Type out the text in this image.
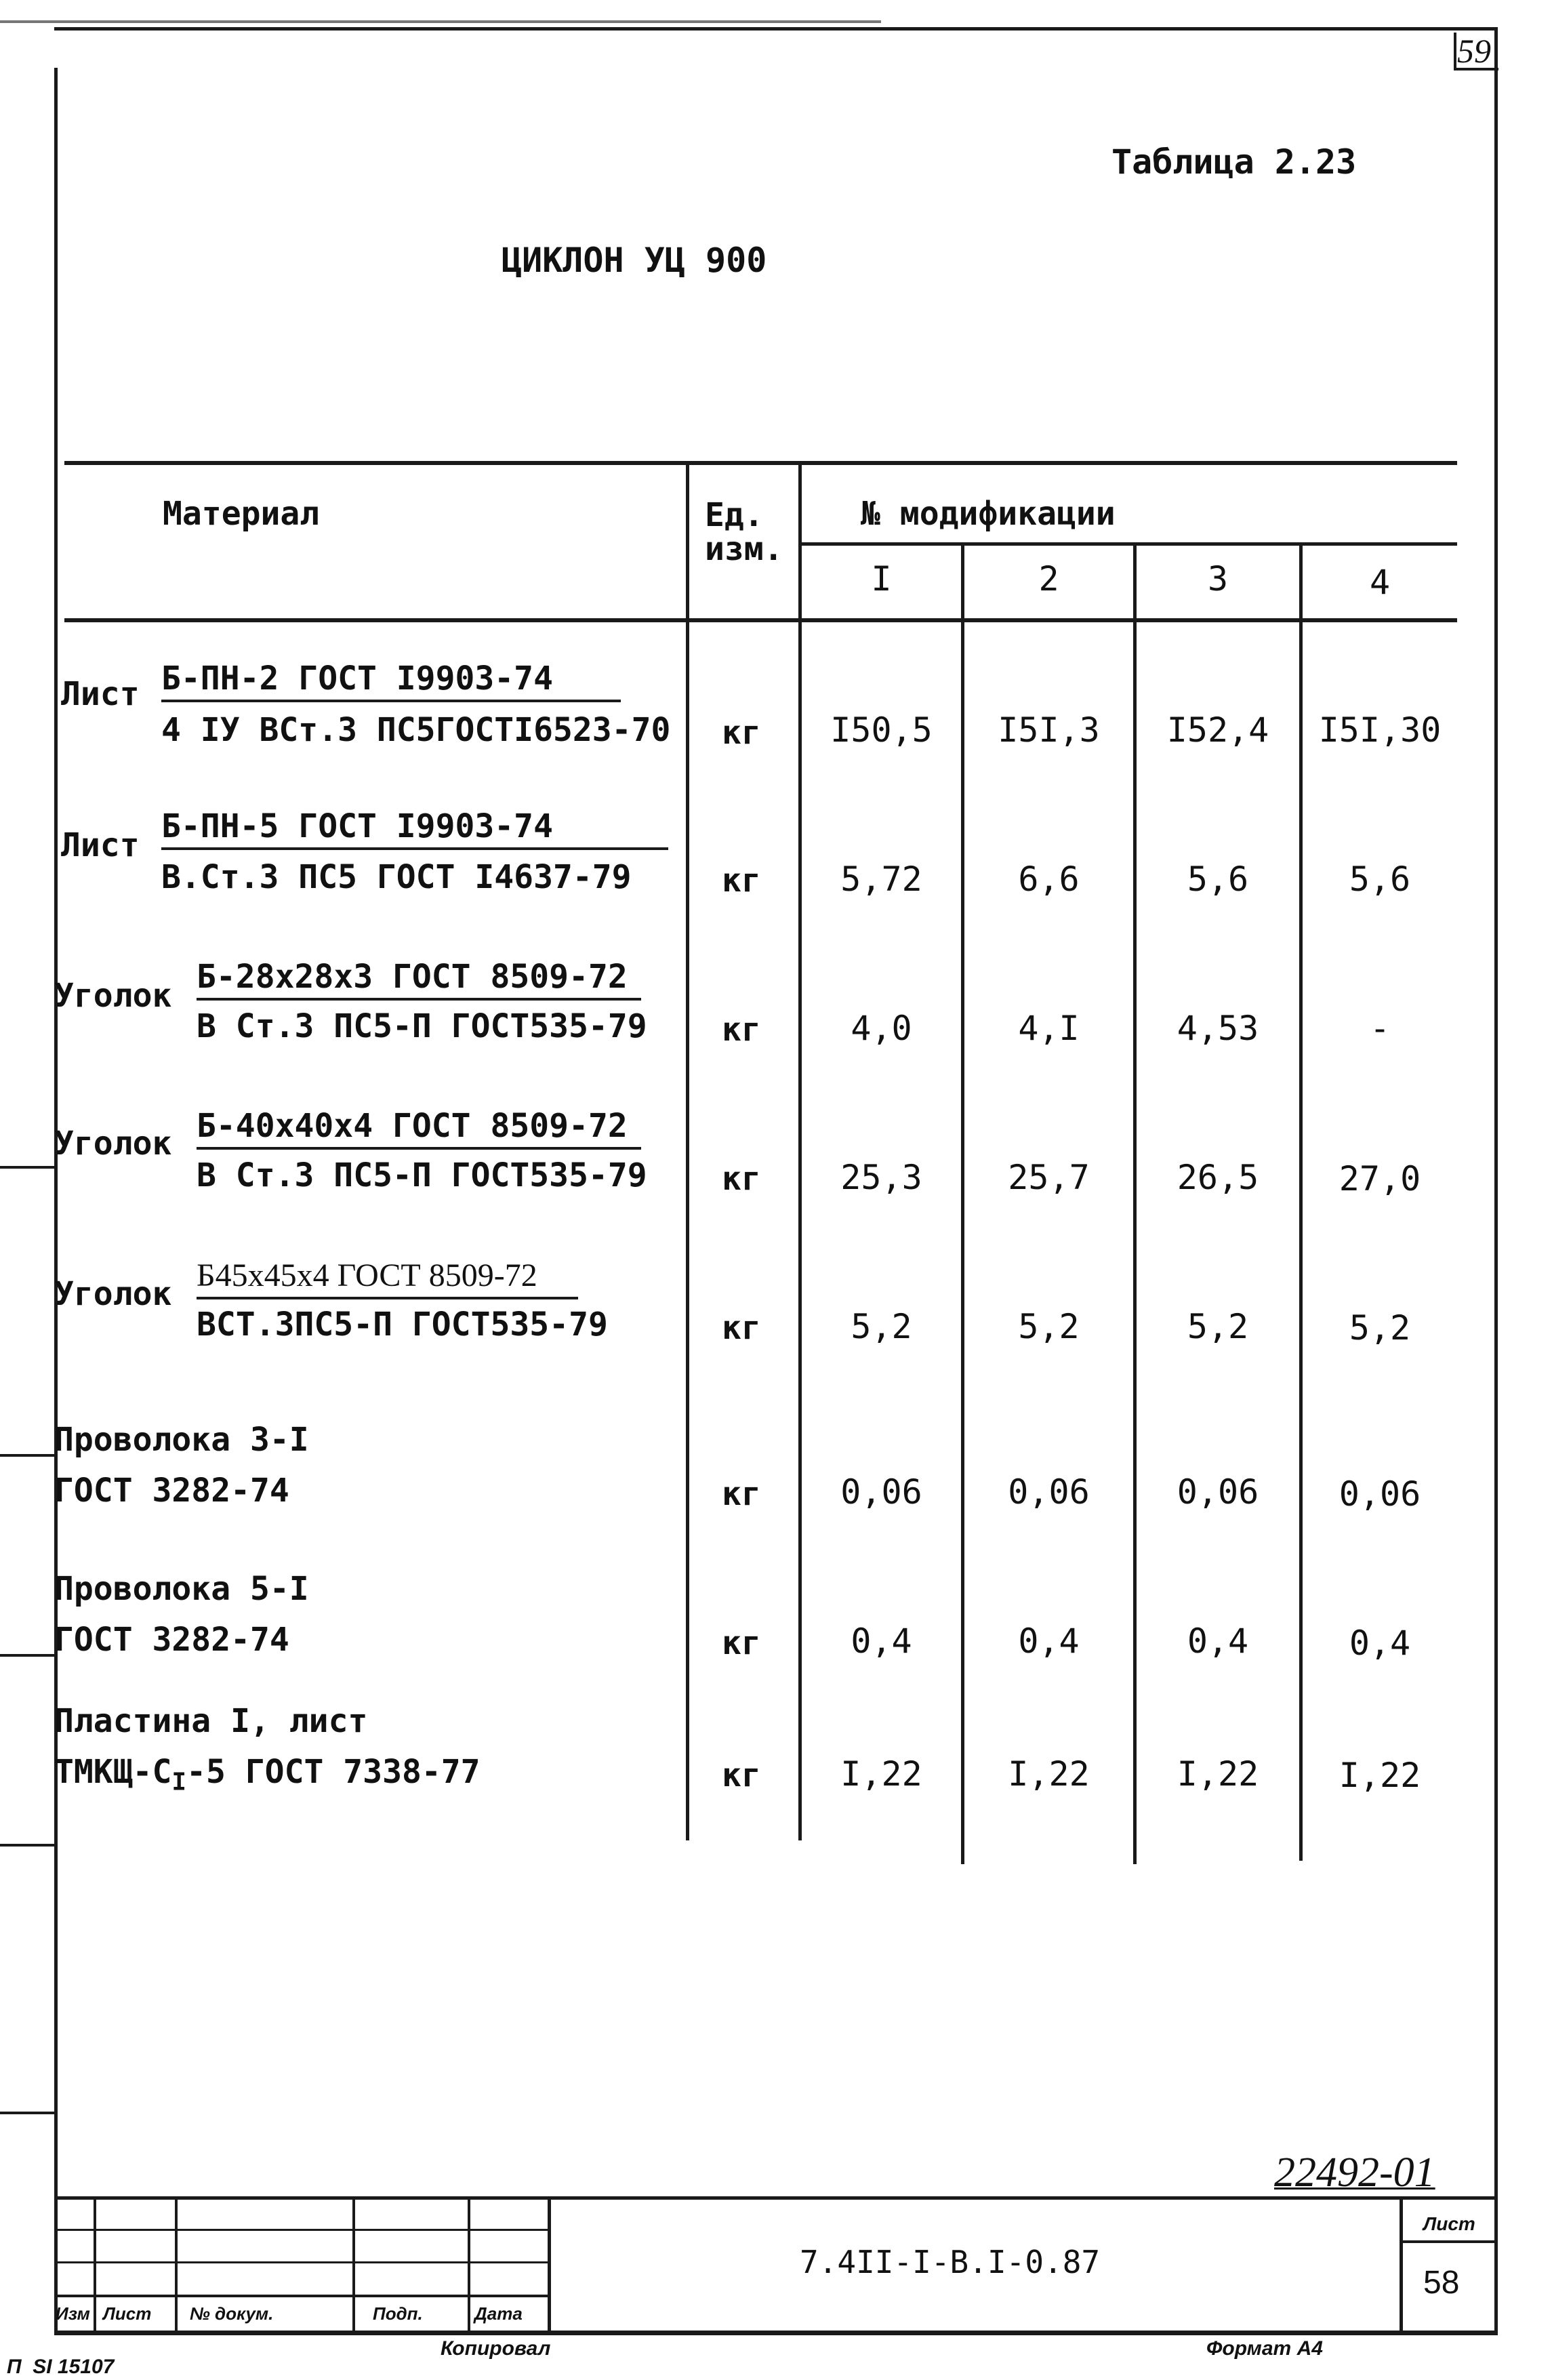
59
Таблица 2.23
ЦИКЛОН УЦ 900
Материал	Ед.
изм.
№ модификации
I	2	3	4
Лист Б-ПН-2 ГОСТ I9903-74
4 IУ ВСт.3 ПС5ГОСТI6523-70 кг	I50,5	I5I,3	I52,4	I5I,30
Лист Б-ПН-5 ГОСТ I9903-74
В.Ст.3 ПС5 ГОСТ I4637-79	кг	5,72	6,6	5,6	5,6
Уголок Б-28х28х3 ГОСТ 8509-72
В Ст.3 ПС5-П ГОСТ535-79 кг	4,0	4,I	4,53	-
Уголок Б-40х40х4 ГОСТ 8509-72
В Ст.3 ПС5-П ГОСТ535-79 кг	25,3	25,7	26,5	27,0
Уголок Б45х45х4 ГОСТ 8509-72
ВСТ.3ПС5-П ГОСТ535-79	кг	5,2	5,2	5,2	5,2
Проволока 3-I
ГОСТ 3282-74	кг	0,06	0,06	0,06	0,06
Проволока 5-I
ГОСТ 3282-74	кг	0,4	0,4	0,4	0,4
Пластина I, лист
ТМКЩ-$С_I-5$ ГОСТ 7338-77	кг	I,22	I,22	I,22	I,22
22492-01
Изм Лист № докум.	Подп.	Дата
7.4II-I-В.I-0.87
Лист
58
Копировал	Формат А4
П  SI 15107
